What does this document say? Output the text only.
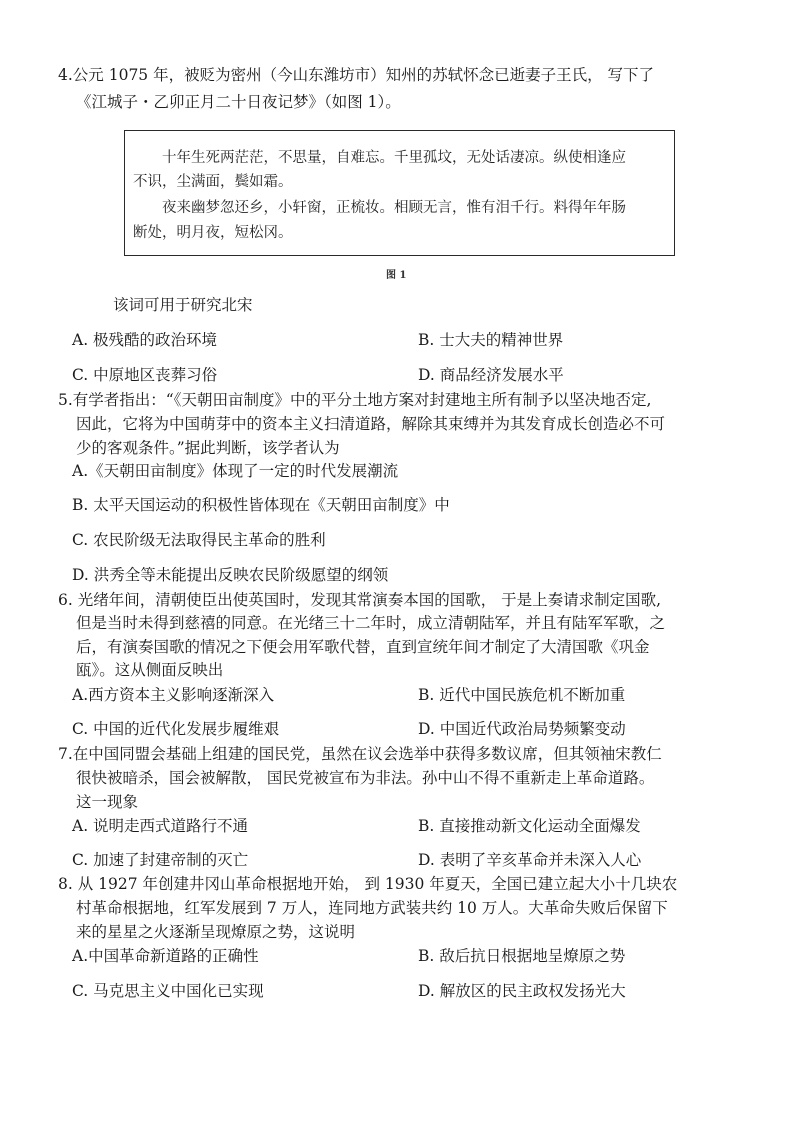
4.公元 1075 年，被贬为密州（今山东潍坊市）知州的苏轼怀念已逝妻子王氏， 写下了
《江城子・乙卯正月二十日夜记梦》（如图 1）。
十年生死两茫茫，不思量，自难忘。千里孤坟，无处话凄凉。纵使相逢应
不识，尘满面，鬓如霜。
夜来幽梦忽还乡，小轩窗，正梳妆。相顾无言，惟有泪千行。料得年年肠
断处，明月夜，短松冈。
图 1
该词可用于研究北宋
A. 极残酷的政治环境	B. 士大夫的精神世界
C. 中原地区丧葬习俗	D. 商品经济发展水平
5.有学者指出：“《天朝田亩制度》中的平分土地方案对封建地主所有制予以坚决地否定,
因此，它将为中国萌芽中的资本主义扫清道路，解除其束缚并为其发育成长创造必不可
少的客观条件。”据此判断，该学者认为
A.《天朝田亩制度》体现了一定的时代发展潮流
B. 太平天国运动的积极性皆体现在《天朝田亩制度》中
C. 农民阶级无法取得民主革命的胜利
D. 洪秀全等未能提出反映农民阶级愿望的纲领
6. 光绪年间，清朝使臣出使英国时，发现其常演奏本国的国歌， 于是上奏请求制定国歌,
但是当时未得到慈禧的同意。在光绪三十二年时，成立清朝陆军，并且有陆军军歌，之
后，有演奏国歌的情况之下便会用军歌代替，直到宣统年间才制定了大清国歌《巩金
瓯》。这从侧面反映出
A.西方资本主义影响逐渐深入	B. 近代中国民族危机不断加重
C. 中国的近代化发展步履维艰	D. 中国近代政治局势频繁变动
7.在中国同盟会基础上组建的国民党，虽然在议会选举中获得多数议席，但其领袖宋教仁
很快被暗杀，国会被解散， 国民党被宣布为非法。孙中山不得不重新走上革命道路。
这一现象
A. 说明走西式道路行不通	B. 直接推动新文化运动全面爆发
C. 加速了封建帝制的灭亡	D. 表明了辛亥革命并未深入人心
8. 从 1927 年创建井冈山革命根据地开始， 到 1930 年夏天，全国已建立起大小十几块农
村革命根据地，红军发展到 7 万人，连同地方武装共约 10 万人。大革命失败后保留下
来的星星之火逐渐呈现燎原之势，这说明
A.中国革命新道路的正确性	B. 敌后抗日根据地呈燎原之势
C. 马克思主义中国化已实现	D. 解放区的民主政权发扬光大
